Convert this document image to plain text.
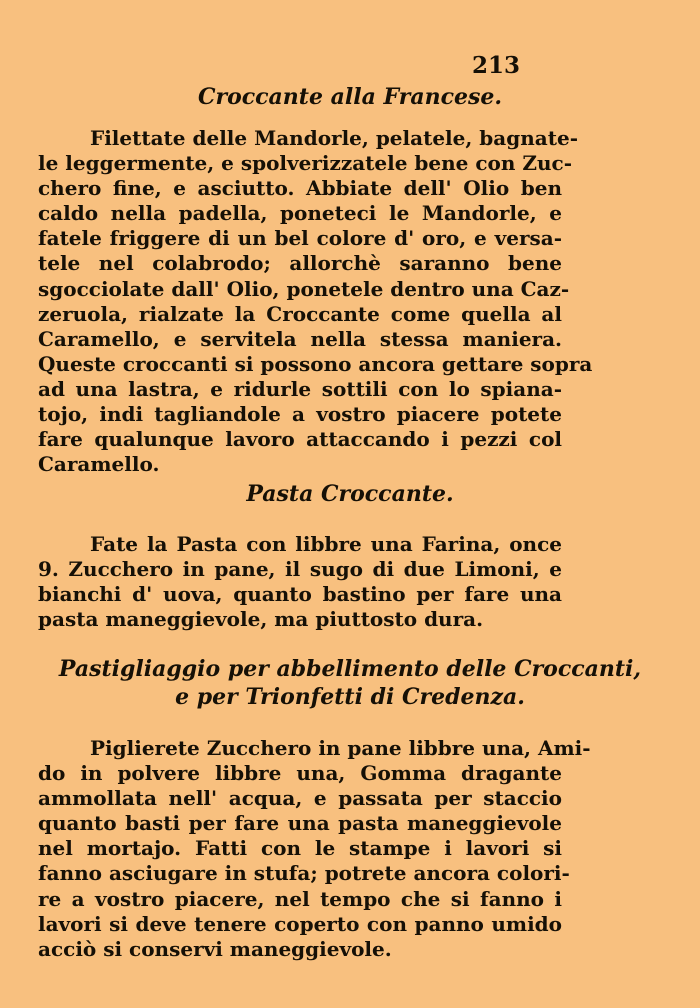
213
Croccante alla Francese.
Filettate delle Mandorle, pelatele, bagnate-
le leggermente, e spolverizzatele bene con Zuc-
chero fine, e asciutto. Abbiate dell' Olio ben
caldo nella padella, poneteci le Mandorle, e
fatele friggere di un bel colore d' oro, e versa-
tele nel colabrodo; allorchè saranno bene
sgocciolate dall' Olio, ponetele dentro una Caz-
zeruola, rialzate la Croccante come quella al
Caramello, e servitela nella stessa maniera.
Queste croccanti si possono ancora gettare sopra
ad una lastra, e ridurle sottili con lo spiana-
tojo, indi tagliandole a vostro piacere potete
fare qualunque lavoro attaccando i pezzi col
Caramello.
Pasta Croccante.
Fate la Pasta con libbre una Farina, once
9. Zucchero in pane, il sugo di due Limoni, e
bianchi d' uova, quanto bastino per fare una
pasta maneggievole, ma piuttosto dura.
Pastigliaggio per abbellimento delle Croccanti,
e per Trionfetti di Credenza.
Piglierete Zucchero in pane libbre una, Ami-
do in polvere libbre una, Gomma dragante
ammollata nell' acqua, e passata per staccio
quanto basti per fare una pasta maneggievole
nel mortajo. Fatti con le stampe i lavori si
fanno asciugare in stufa; potrete ancora colori-
re a vostro piacere, nel tempo che si fanno i
lavori si deve tenere coperto con panno umido
acciò si conservi maneggievole.
